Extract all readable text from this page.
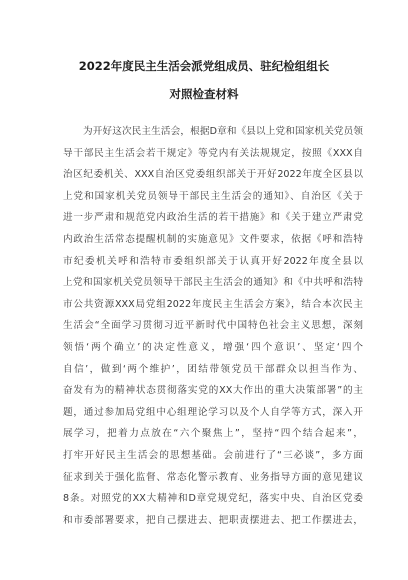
2022年度民主生活会派党组成员、驻纪检组组长
对照检查材料
为开好这次民主生活会，根据D章和《县以上党和国家机关党员领
导干部民主生活会若干规定》等党内有关法规规定，按照《XXX自
治区纪委机关、XXX自治区党委组织部关于开好2022年度全区县以
上党和国家机关党员领导干部民主生活会的通知》、自治区《关于
进一步严肃和规范党内政治生活的若干措施》和《关于建立严肃党
内政治生活常态提醒机制的实施意见》文件要求，依据《呼和浩特
市纪委机关呼和浩特市委组织部关于认真开好2022年度全县以
上党和国家机关党员领导干部民主生活会的通知》和《中共呼和浩特
市公共资源XXX局党组2022年度民主生活会方案》，结合本次民主
生活会“全面学习贯彻习近平新时代中国特色社会主义思想，深刻
领悟‘两个确立’的决定性意义，增强‘四个意识’、坚定‘四个
自信’，做到‘两个维护’，团结带领党员干部群众以担当作为、
奋发有为的精神状态贯彻落实党的XX大作出的重大决策部署”的主
题，通过参加局党组中心组理论学习以及个人自学等方式，深入开
展学习，把着力点放在“六个聚焦上”，坚持“四个结合起来”，
打牢开好民主生活会的思想基础。会前进行了“三必谈”，多方面
征求到关于强化监督、常态化警示教育、业务指导方面的意见建议
8条。对照党的XX大精神和D章党规党纪，落实中央、自治区党委
和市委部署要求，把自己摆进去、把职责摆进去、把工作摆进去，
